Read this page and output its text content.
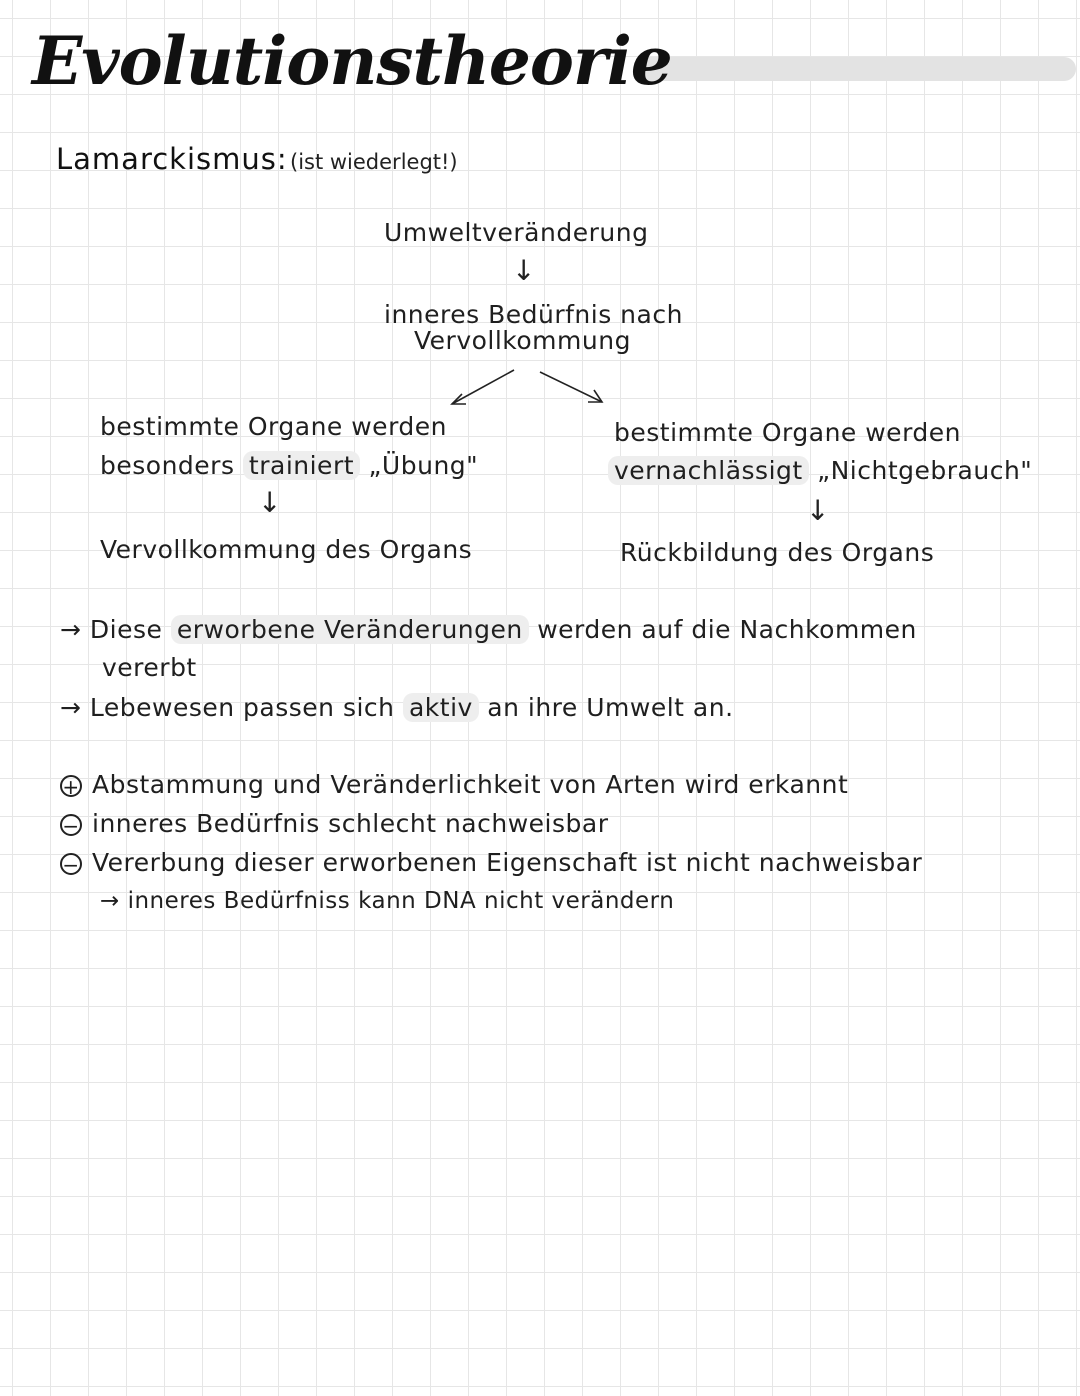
Evolutionstheorie
Lamarckismus: (ist wiederlegt!)
Umweltveränderung
↓
inneres Bedürfnis nach
Vervollkommung
bestimmte Organe werden
besonders trainiert „Übung"
↓
Vervollkommung des Organs
bestimmte Organe werden
vernachlässigt „Nichtgebrauch"
↓
Rückbildung des Organs
→ Diese erworbene Veränderungen werden auf die Nachkommen
vererbt
→ Lebewesen passen sich aktiv an ihre Umwelt an.
+ Abstammung und Veränderlichkeit von Arten wird erkannt
− inneres Bedürfnis schlecht nachweisbar
− Vererbung dieser erworbenen Eigenschaft ist nicht nachweisbar
→ inneres Bedürfniss kann DNA nicht verändern
